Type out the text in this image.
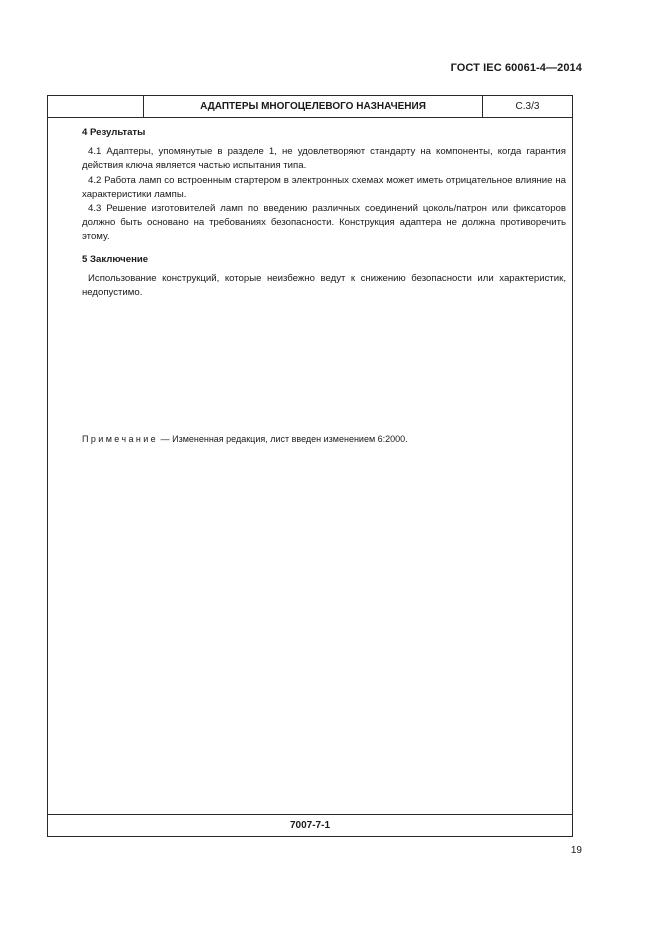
ГОСТ IEC 60061-4—2014
АДАПТЕРЫ МНОГОЦЕЛЕВОГО НАЗНАЧЕНИЯ	C.3/3
4 Результаты

4.1 Адаптеры, упомянутые в разделе 1, не удовлетворяют стандарту на компоненты, когда гарантия действия ключа является частью испытания типа.

4.2 Работа ламп со встроенным стартером в электронных схемах может иметь отрицательное влияние на характеристики лампы.

4.3 Решение изготовителей ламп по введению различных соединений цоколь/патрон или фиксаторов должно быть основано на требованиях безопасности. Конструкция адаптера не должна противоречить этому.

5 Заключение

Использование конструкций, которые неизбежно ведут к снижению безопасности или характеристик, недопустимо.

Примечание — Измененная редакция, лист введен изменением 6:2000.
7007-7-1
19
